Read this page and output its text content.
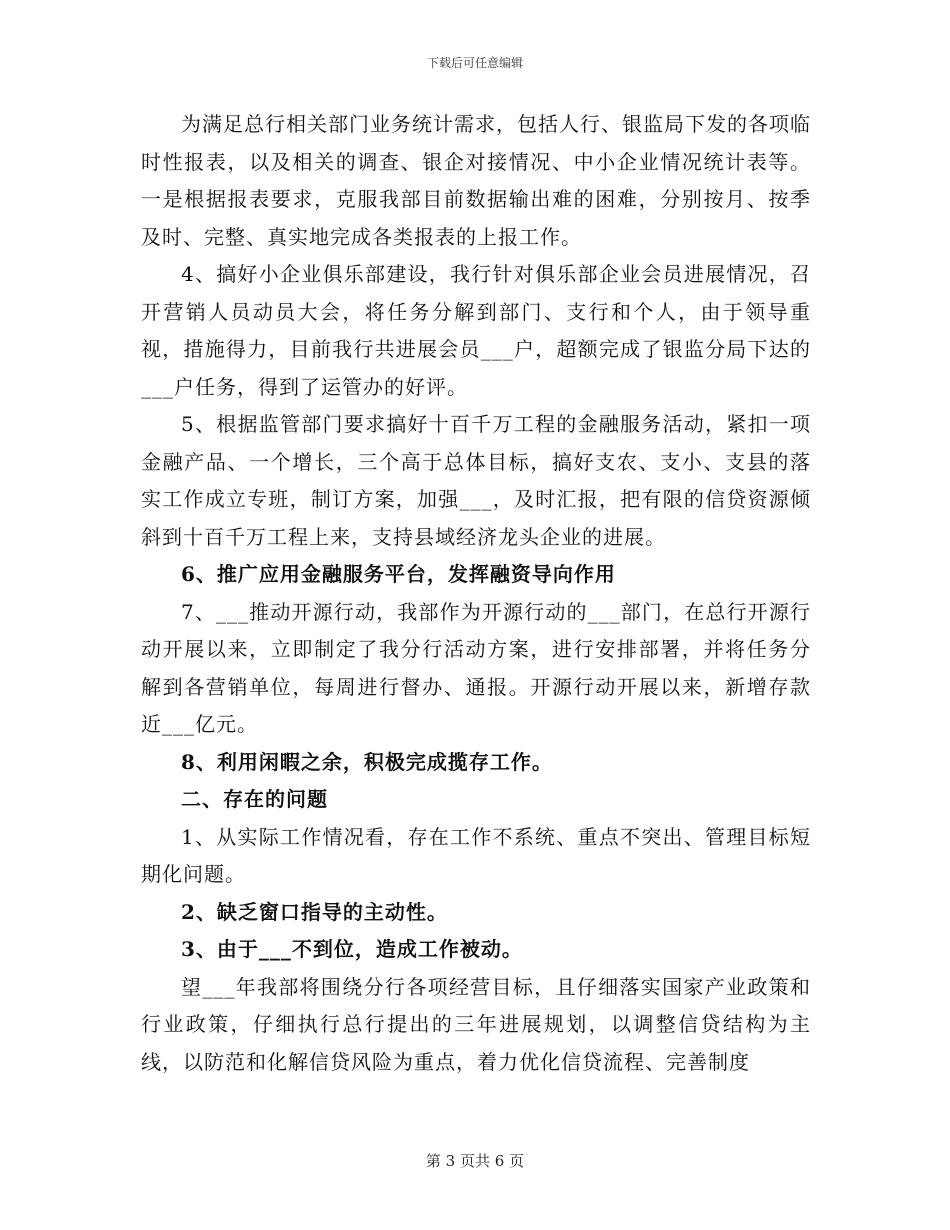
下载后可任意编辑

为满足总行相关部门业务统计需求，包括人行、银监局下发的各项临时性报表，以及相关的调查、银企对接情况、中小企业情况统计表等。一是根据报表要求，克服我部目前数据输出难的困难，分别按月、按季及时、完整、真实地完成各类报表的上报工作。

4、搞好小企业俱乐部建设，我行针对俱乐部企业会员进展情况，召开营销人员动员大会，将任务分解到部门、支行和个人，由于领导重视，措施得力，目前我行共进展会员___户，超额完成了银监分局下达的___户任务，得到了运管办的好评。

5、根据监管部门要求搞好十百千万工程的金融服务活动，紧扣一项金融产品、一个增长，三个高于总体目标，搞好支农、支小、支县的落实工作成立专班，制订方案，加强___，及时汇报，把有限的信贷资源倾斜到十百千万工程上来，支持县域经济龙头企业的进展。

6、推广应用金融服务平台，发挥融资导向作用

7、___推动开源行动，我部作为开源行动的___部门，在总行开源行动开展以来，立即制定了我分行活动方案，进行安排部署，并将任务分解到各营销单位，每周进行督办、通报。开源行动开展以来，新增存款近___亿元。

8、利用闲暇之余，积极完成揽存工作。

二、存在的问题

1、从实际工作情况看，存在工作不系统、重点不突出、管理目标短期化问题。

2、缺乏窗口指导的主动性。

3、由于___不到位，造成工作被动。

望___年我部将围绕分行各项经营目标，且仔细落实国家产业政策和行业政策，仔细执行总行提出的三年进展规划，以调整信贷结构为主线，以防范和化解信贷风险为重点，着力优化信贷流程、完善制度

第 3 页共 6 页
